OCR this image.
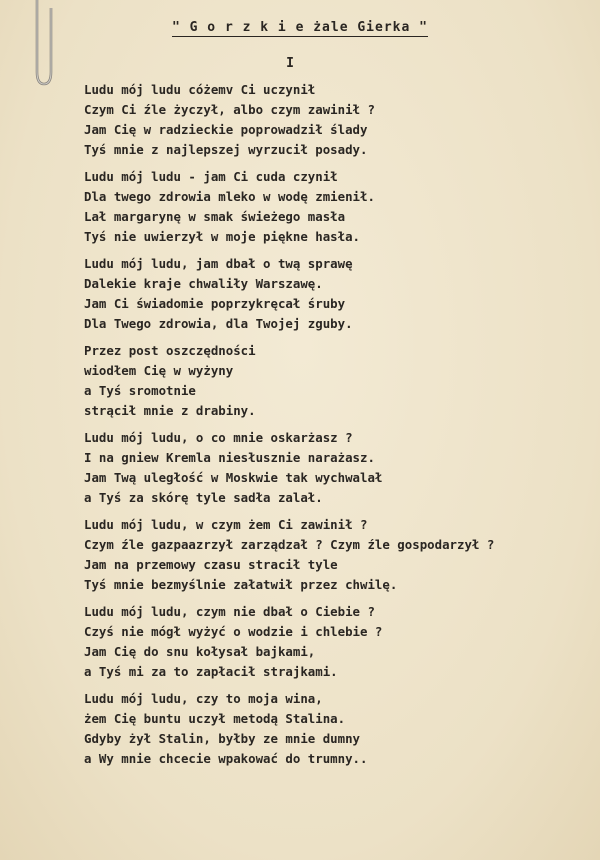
" G o r z k i e żale Gierka "
I
Ludu mój ludu cóżemv Ci uczynił
Czym Ci źle życzył, albo czym zawinił ?
Jam Cię w radzieckie poprowadził ślady
Tyś mnie z najlepszej wyrzucił posady.
Ludu mój ludu - jam Ci cuda czynił
Dla twego zdrowia mleko w wodę zmienił.
Lał margarynę w smak świeżego masła
Tyś nie uwierzył w moje piękne hasła.
Ludu mój ludu, jam dbał o twą sprawę
Dalekie kraje chwaliły Warszawę.
Jam Ci świadomie poprzykręcał śruby
Dla Twego zdrowia, dla Twojej zguby.
Przez post oszczędności
wiodłem Cię w wyżyny
a Tyś sromotnie
strącił mnie z drabiny.
Ludu mój ludu, o co mnie oskarżasz ?
I na gniew Kremla niesłusznie narażasz.
Jam Twą uległość w Moskwie tak wychwalał
a Tyś za skórę tyle sadła zalał.
Ludu mój ludu, w czym żem Ci zawinił ?
Czym źle gazpaazrzył zarządzał ? Czym źle gospodarzył ?
Jam na przemowy czasu stracił tyle
Tyś mnie bezmyślnie załatwił przez chwilę.
Ludu mój ludu, czym nie dbał o Ciebie ?
Czyś nie mógł wyżyć o wodzie i chlebie ?
Jam Cię do snu kołysał bajkami,
a Tyś mi za to zapłacił strajkami.
Ludu mój ludu, czy to moja wina,
żem Cię buntu uczył metodą Stalina.
Gdyby żył Stalin, byłby ze mnie dumny
a Wy mnie chcecie wpakować do trumny..
